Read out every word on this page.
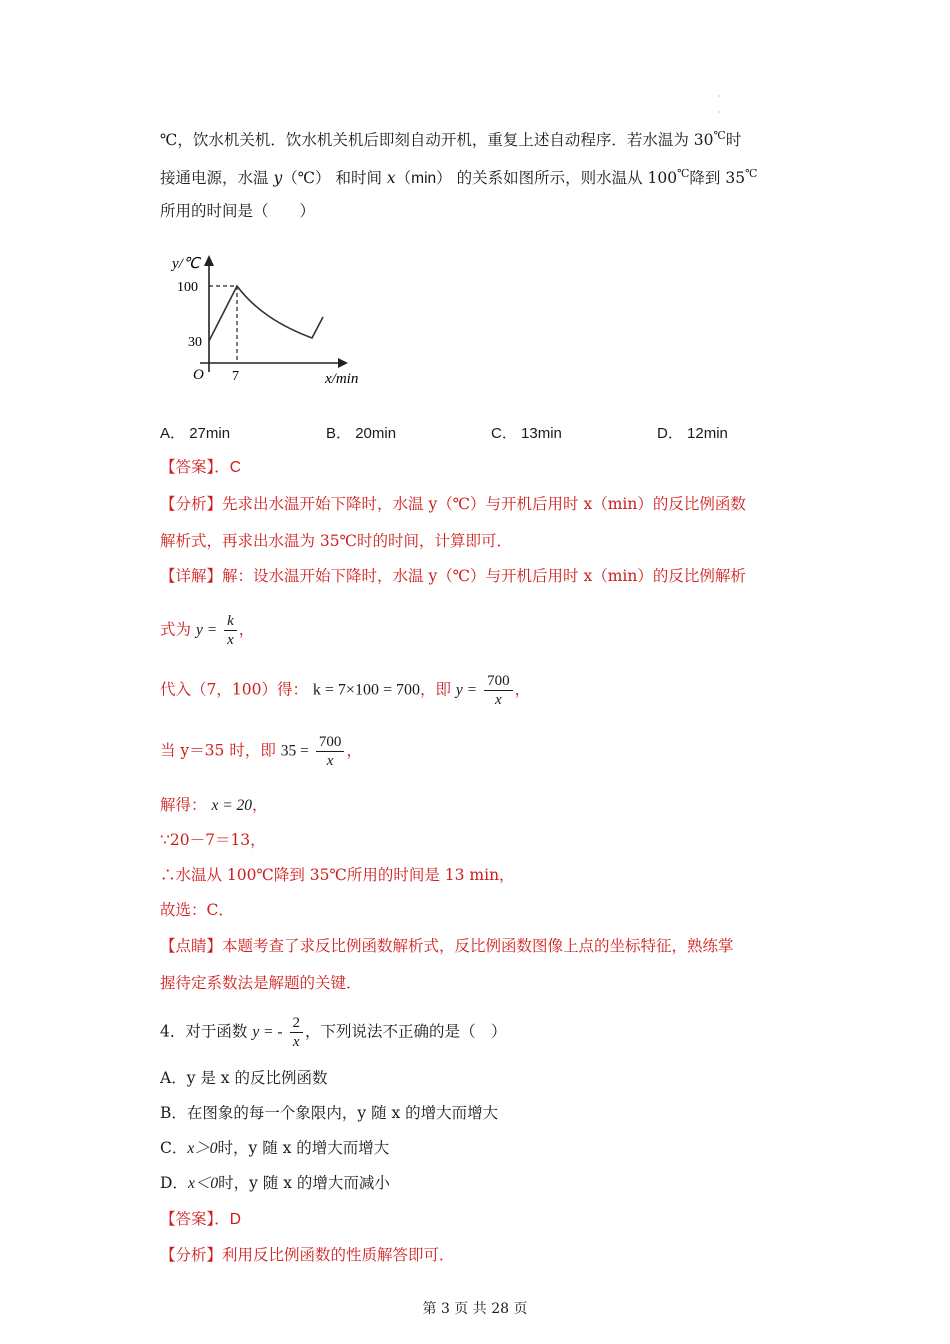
·
·
℃，饮水机关机．饮水机关机后即刻自动开机，重复上述自动程序．若水温为 30℃时
接通电源，水温 y（℃） 和时间 x（min） 的关系如图所示，则水温从 100℃降到 35℃
所用的时间是（　　）
y/℃
100
30
O 7	x/min
A． 27min	B． 20min	C． 13min	D． 12min
【答案】．C
【分析】先求出水温开始下降时，水温 y（℃）与开机后用时 x（min）的反比例函数
解析式，再求出水温为 35℃时的时间，计算即可．
【详解】解：设水温开始下降时，水温 y（℃）与开机后用时 x（min）的反比例解析
式为 $y = \frac{k}{x}$ ，
代入（7，100）得： k = 7×100 = 700，即 $y = \frac{700}{x}$ ，
当 y＝35 时，即 $35 = \frac{700}{x}$ ，
解得： x = 20，
∵20－7＝13，
∴水温从 100℃降到 35℃所用的时间是 13 min，
故选：C．
【点睛】本题考查了求反比例函数解析式，反比例函数图像上点的坐标特征，熟练掌
握待定系数法是解题的关键．
4．对于函数 y = - $\frac{2}{x}$ ，下列说法不正确的是（　）
A．y 是 x 的反比例函数
B．在图象的每一个象限内，y 随 x 的增大而增大
C．x＞0时，y 随 x 的增大而增大
D．x＜0时，y 随 x 的增大而减小
【答案】．D
【分析】利用反比例函数的性质解答即可．
第 3 页 共 28 页
